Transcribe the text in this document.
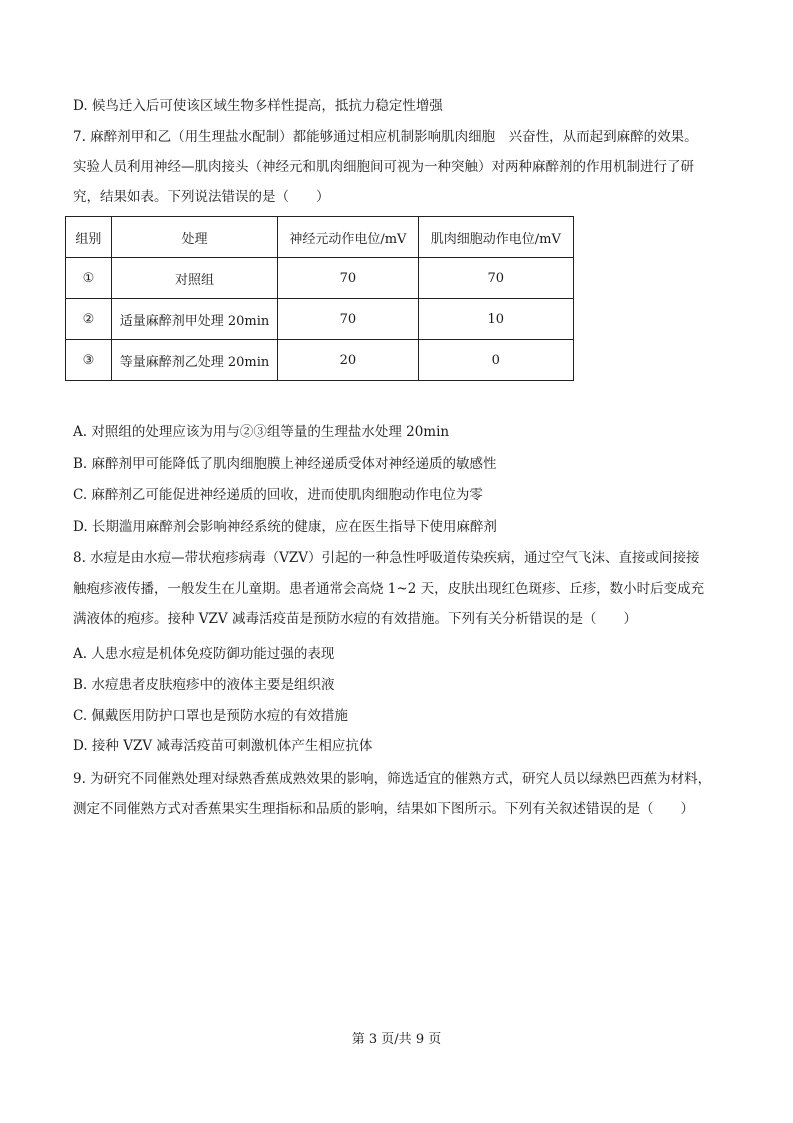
D. 候鸟迁入后可使该区域生物多样性提高，抵抗力稳定性增强
7. 麻醉剂甲和乙（用生理盐水配制）都能够通过相应机制影响肌肉细胞　兴奋性，从而起到麻醉的效果。
实验人员利用神经—肌肉接头（神经元和肌肉细胞间可视为一种突触）对两种麻醉剂的作用机制进行了研
究，结果如表。下列说法错误的是（　　）
组别	处理	神经元动作电位/mV	肌肉细胞动作电位/mV
①	对照组	70	70
②	适量麻醉剂甲处理 20min	70	10
③	等量麻醉剂乙处理 20min	20	0
A. 对照组的处理应该为用与②③组等量的生理盐水处理 20min
B. 麻醉剂甲可能降低了肌肉细胞膜上神经递质受体对神经递质的敏感性
C. 麻醉剂乙可能促进神经递质的回收，进而使肌肉细胞动作电位为零
D. 长期滥用麻醉剂会影响神经系统的健康，应在医生指导下使用麻醉剂
8. 水痘是由水痘—带状疱疹病毒（VZV）引起的一种急性呼吸道传染疾病，通过空气飞沫、直接或间接接
触疱疹液传播，一般发生在儿童期。患者通常会高烧 1~2 天，皮肤出现红色斑疹、丘疹，数小时后变成充
满液体的疱疹。接种 VZV 减毒活疫苗是预防水痘的有效措施。下列有关分析错误的是（　　）
A. 人患水痘是机体免疫防御功能过强的表现
B. 水痘患者皮肤疱疹中的液体主要是组织液
C. 佩戴医用防护口罩也是预防水痘的有效措施
D. 接种 VZV 减毒活疫苗可刺激机体产生相应抗体
9. 为研究不同催熟处理对绿熟香蕉成熟效果的影响，筛选适宜的催熟方式，研究人员以绿熟巴西蕉为材料，
测定不同催熟方式对香蕉果实生理指标和品质的影响，结果如下图所示。下列有关叙述错误的是（　　）
第 3 页/共 9 页
